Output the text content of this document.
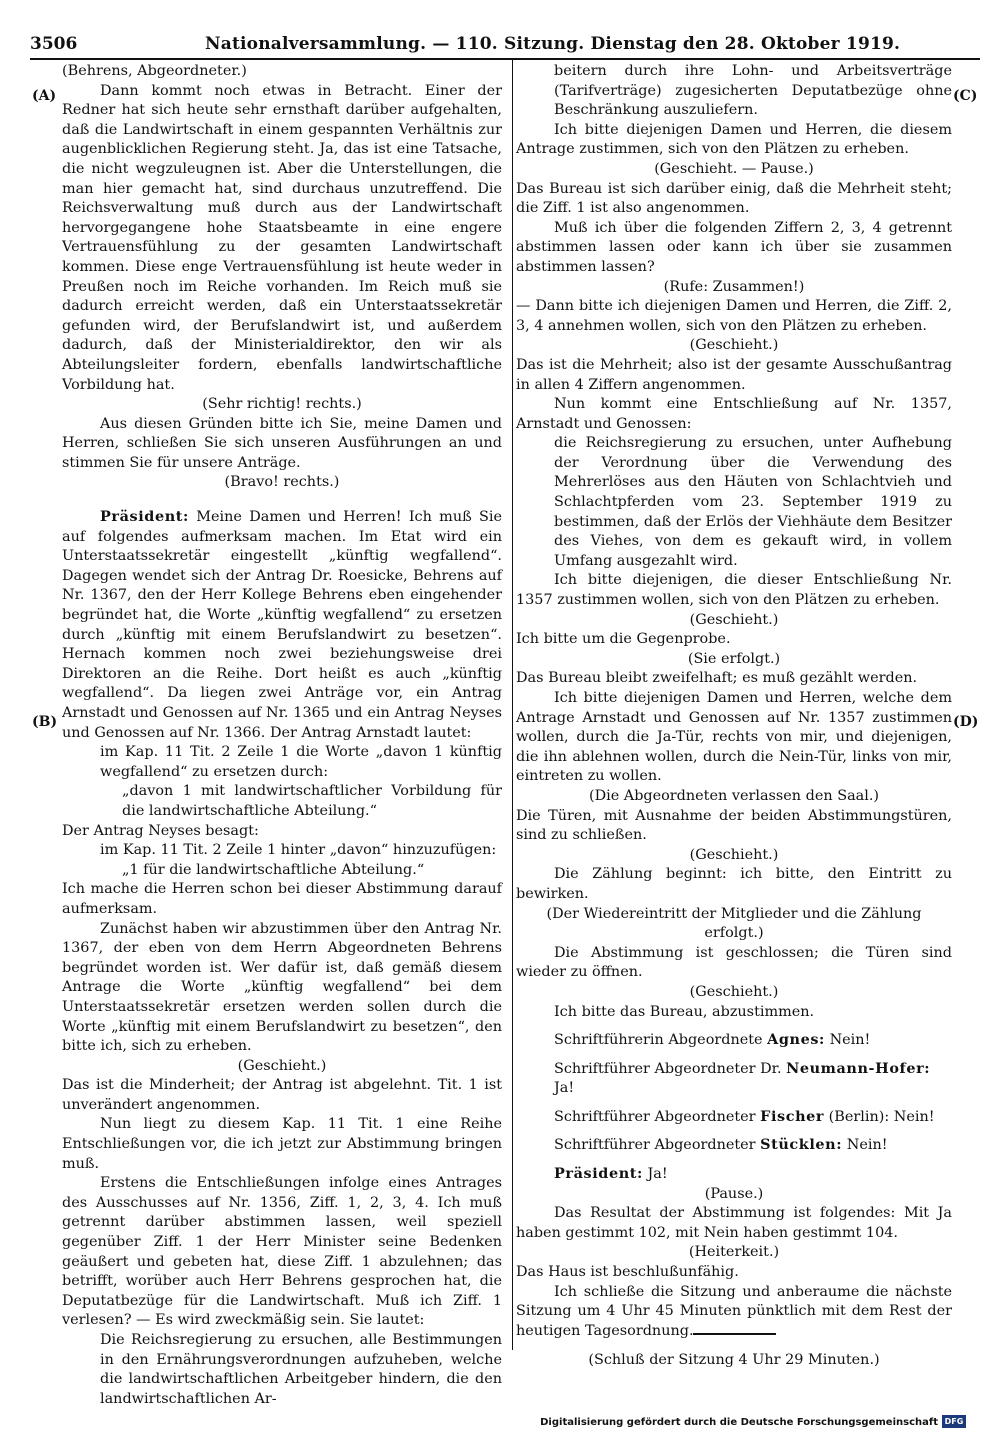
3506	Nationalversammlung. — 110. Sitzung. Dienstag den 28. Oktober 1919.
(A)
(B)
(C)
(D)

(Behrens, Abgeordneter.)

Dann kommt noch etwas in Betracht. Einer der Redner hat sich heute sehr ernsthaft darüber aufgehalten, daß die Landwirtschaft in einem gespannten Verhältnis zur augenblicklichen Regierung steht. Ja, das ist eine Tatsache, die nicht wegzuleugnen ist. Aber die Unterstellungen, die man hier gemacht hat, sind durchaus unzutreffend. Die Reichsverwaltung muß durch aus der Landwirtschaft hervorgegangene hohe Staatsbeamte in eine engere Vertrauensfühlung zu der gesamten Landwirtschaft kommen. Diese enge Vertrauensfühlung ist heute weder in Preußen noch im Reiche vorhanden. Im Reich muß sie dadurch erreicht werden, daß ein Unterstaatssekretär gefunden wird, der Berufslandwirt ist, und außerdem dadurch, daß der Ministerialdirektor, den wir als Abteilungsleiter fordern, ebenfalls landwirtschaftliche Vorbildung hat.

(Sehr richtig! rechts.)

Aus diesen Gründen bitte ich Sie, meine Damen und Herren, schließen Sie sich unseren Ausführungen an und stimmen Sie für unsere Anträge.

(Bravo! rechts.)

Präsident: Meine Damen und Herren! Ich muß Sie auf folgendes aufmerksam machen. Im Etat wird ein Unterstaatssekretär eingestellt „künftig wegfallend“. Dagegen wendet sich der Antrag Dr. Roesicke, Behrens auf Nr. 1367, den der Herr Kollege Behrens eben eingehender begründet hat, die Worte „künftig wegfallend“ zu ersetzen durch „künftig mit einem Berufslandwirt zu besetzen“. Hernach kommen noch zwei beziehungsweise drei Direktoren an die Reihe. Dort heißt es auch „künftig wegfallend“. Da liegen zwei Anträge vor, ein Antrag Arnstadt und Genossen auf Nr. 1365 und ein Antrag Neyses und Genossen auf Nr. 1366. Der Antrag Arnstadt lautet:

im Kap. 11 Tit. 2 Zeile 1 die Worte „davon 1 künftig wegfallend“ zu ersetzen durch:

„davon 1 mit landwirtschaftlicher Vorbildung für die landwirtschaftliche Abteilung.“

Der Antrag Neyses besagt:

im Kap. 11 Tit. 2 Zeile 1 hinter „davon“ hinzuzufügen:

„1 für die landwirtschaftliche Abteilung.“

Ich mache die Herren schon bei dieser Abstimmung darauf aufmerksam.

Zunächst haben wir abzustimmen über den Antrag Nr. 1367, der eben von dem Herrn Abgeordneten Behrens begründet worden ist. Wer dafür ist, daß gemäß diesem Antrage die Worte „künftig wegfallend“ bei dem Unterstaatssekretär ersetzen werden sollen durch die Worte „künftig mit einem Berufslandwirt zu besetzen“, den bitte ich, sich zu erheben.

(Geschieht.)

Das ist die Minderheit; der Antrag ist abgelehnt. Tit. 1 ist unverändert angenommen.

Nun liegt zu diesem Kap. 11 Tit. 1 eine Reihe Entschließungen vor, die ich jetzt zur Abstimmung bringen muß.

Erstens die Entschließungen infolge eines Antrages des Ausschusses auf Nr. 1356, Ziff. 1, 2, 3, 4. Ich muß getrennt darüber abstimmen lassen, weil speziell gegenüber Ziff. 1 der Herr Minister seine Bedenken geäußert und gebeten hat, diese Ziff. 1 abzulehnen; das betrifft, worüber auch Herr Behrens gesprochen hat, die Deputatbezüge für die Landwirtschaft. Muß ich Ziff. 1 verlesen? — Es wird zweckmäßig sein. Sie lautet:

Die Reichsregierung zu ersuchen, alle Bestimmungen in den Ernährungsverordnungen aufzuheben, welche die landwirtschaftlichen Arbeitgeber hindern, die den landwirtschaftlichen Ar-

beitern durch ihre Lohn- und Arbeitsverträge (Tarifverträge) zugesicherten Deputatbezüge ohne Beschränkung auszuliefern.

Ich bitte diejenigen Damen und Herren, die diesem Antrage zustimmen, sich von den Plätzen zu erheben.

(Geschieht. — Pause.)

Das Bureau ist sich darüber einig, daß die Mehrheit steht; die Ziff. 1 ist also angenommen.

Muß ich über die folgenden Ziffern 2, 3, 4 getrennt abstimmen lassen oder kann ich über sie zusammen abstimmen lassen?

(Rufe: Zusammen!)

— Dann bitte ich diejenigen Damen und Herren, die Ziff. 2, 3, 4 annehmen wollen, sich von den Plätzen zu erheben.

(Geschieht.)

Das ist die Mehrheit; also ist der gesamte Ausschußantrag in allen 4 Ziffern angenommen.

Nun kommt eine Entschließung auf Nr. 1357, Arnstadt und Genossen:

die Reichsregierung zu ersuchen, unter Aufhebung der Verordnung über die Verwendung des Mehrerlöses aus den Häuten von Schlachtvieh und Schlachtpferden vom 23. September 1919 zu bestimmen, daß der Erlös der Viehhäute dem Besitzer des Viehes, von dem es gekauft wird, in vollem Umfang ausgezahlt wird.

Ich bitte diejenigen, die dieser Entschließung Nr. 1357 zustimmen wollen, sich von den Plätzen zu erheben.

(Geschieht.)

Ich bitte um die Gegenprobe.

(Sie erfolgt.)

Das Bureau bleibt zweifelhaft; es muß gezählt werden.

Ich bitte diejenigen Damen und Herren, welche dem Antrage Arnstadt und Genossen auf Nr. 1357 zustimmen wollen, durch die Ja-Tür, rechts von mir, und diejenigen, die ihn ablehnen wollen, durch die Nein-Tür, links von mir, eintreten zu wollen.

(Die Abgeordneten verlassen den Saal.)

Die Türen, mit Ausnahme der beiden Abstimmungstüren, sind zu schließen.

(Geschieht.)

Die Zählung beginnt: ich bitte, den Eintritt zu bewirken.

(Der Wiedereintritt der Mitglieder und die Zählung erfolgt.)

Die Abstimmung ist geschlossen; die Türen sind wieder zu öffnen.

(Geschieht.)

Ich bitte das Bureau, abzustimmen.

Schriftführerin Abgeordnete Agnes: Nein!

Schriftführer Abgeordneter Dr. Neumann-Hofer: Ja!

Schriftführer Abgeordneter Fischer (Berlin): Nein!

Schriftführer Abgeordneter Stücklen: Nein!

Präsident: Ja!

(Pause.)

Das Resultat der Abstimmung ist folgendes: Mit Ja haben gestimmt 102, mit Nein haben gestimmt 104.

(Heiterkeit.)

Das Haus ist beschlußunfähig.

Ich schließe die Sitzung und anberaume die nächste Sitzung um 4 Uhr 45 Minuten pünktlich mit dem Rest der heutigen Tagesordnung.

(Schluß der Sitzung 4 Uhr 29 Minuten.)

Digitalisierung gefördert durch die Deutsche Forschungsgemeinschaft DFG
